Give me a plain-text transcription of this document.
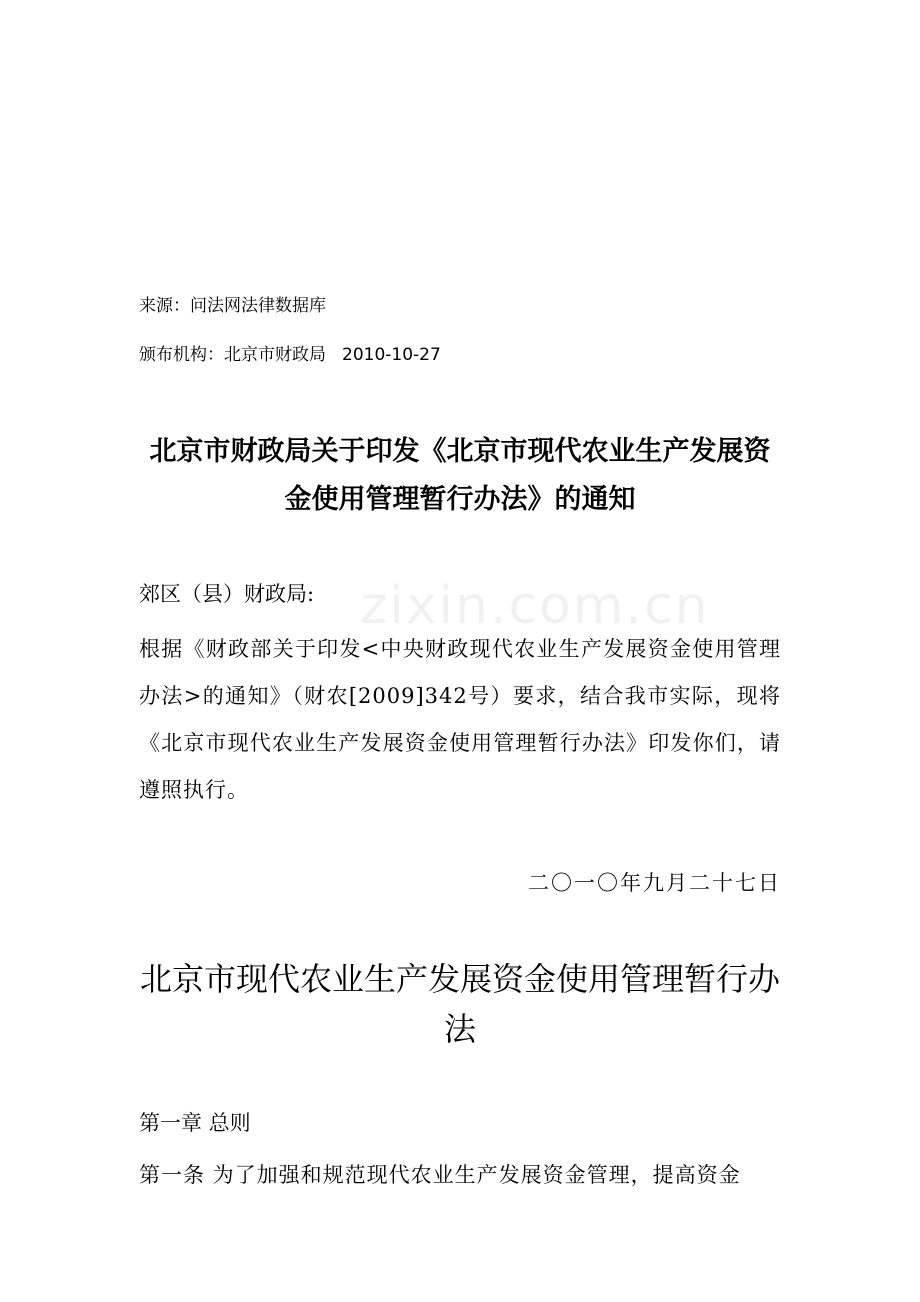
zixin.com.cn
来源：问法网法律数据库
颁布机构：北京市财政局 2010-10-27
北京市财政局关于印发《北京市现代农业生产发展资金使用管理暂行办法》的通知
郊区（县）财政局:
根据《财政部关于印发<中央财政现代农业生产发展资金使用管理办法>的通知》（财农[2009]342号）要求，结合我市实际，现将《北京市现代农业生产发展资金使用管理暂行办法》印发你们，请遵照执行。
二〇一〇年九月二十七日
北京市现代农业生产发展资金使用管理暂行办法
第一章 总则
第一条 为了加强和规范现代农业生产发展资金管理，提高资金
